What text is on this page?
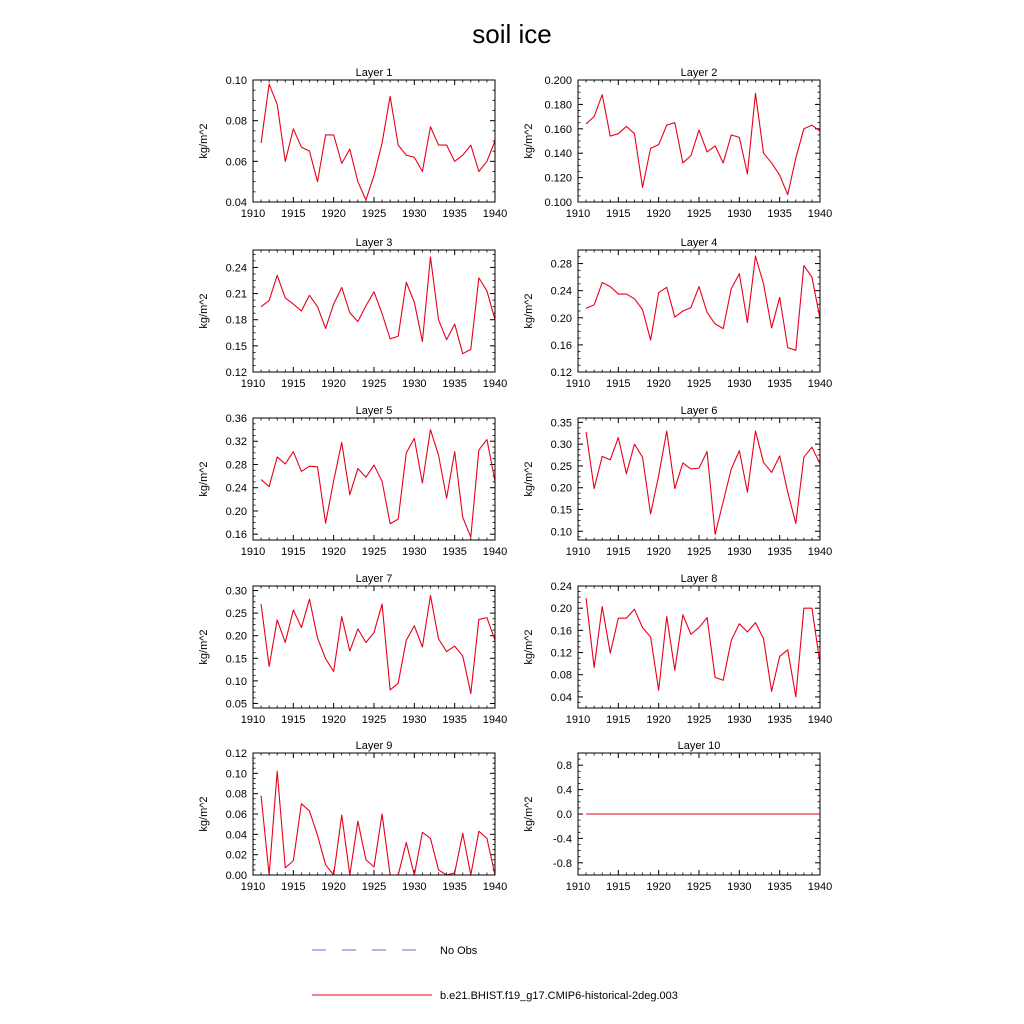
soil ice
Layer 1
kg/m^2
1910 1915 1920 1925 1930 1935 1940
0.04
0.06
0.08
0.10
Layer 2
kg/m^2
1910 1915 1920 1925 1930 1935 1940
0.100
0.120
0.140
0.160
0.180
0.200
Layer 3
kg/m^2
1910 1915 1920 1925 1930 1935 1940
0.12
0.15
0.18
0.21
0.24
Layer 4
kg/m^2
1910 1915 1920 1925 1930 1935 1940
0.12
0.16
0.20
0.24
0.28
Layer 5
kg/m^2
1910 1915 1920 1925 1930 1935 1940
0.16
0.20
0.24
0.28
0.32
0.36
Layer 6
kg/m^2
1910 1915 1920 1925 1930 1935 1940
0.10
0.15
0.20
0.25
0.30
0.35
Layer 7
kg/m^2
1910 1915 1920 1925 1930 1935 1940
0.05
0.10
0.15
0.20
0.25
0.30
Layer 8
kg/m^2
1910 1915 1920 1925 1930 1935 1940
0.04
0.08
0.12
0.16
0.20
0.24
Layer 9
kg/m^2
1910 1915 1920 1925 1930 1935 1940
0.00
0.02
0.04
0.06
0.08
0.10
0.12
Layer 10
kg/m^2
1910 1915 1920 1925 1930 1935 1940
-0.8
-0.4
0.0
0.4
0.8
No Obs
b.e21.BHIST.f19_g17.CMIP6-historical-2deg.003
